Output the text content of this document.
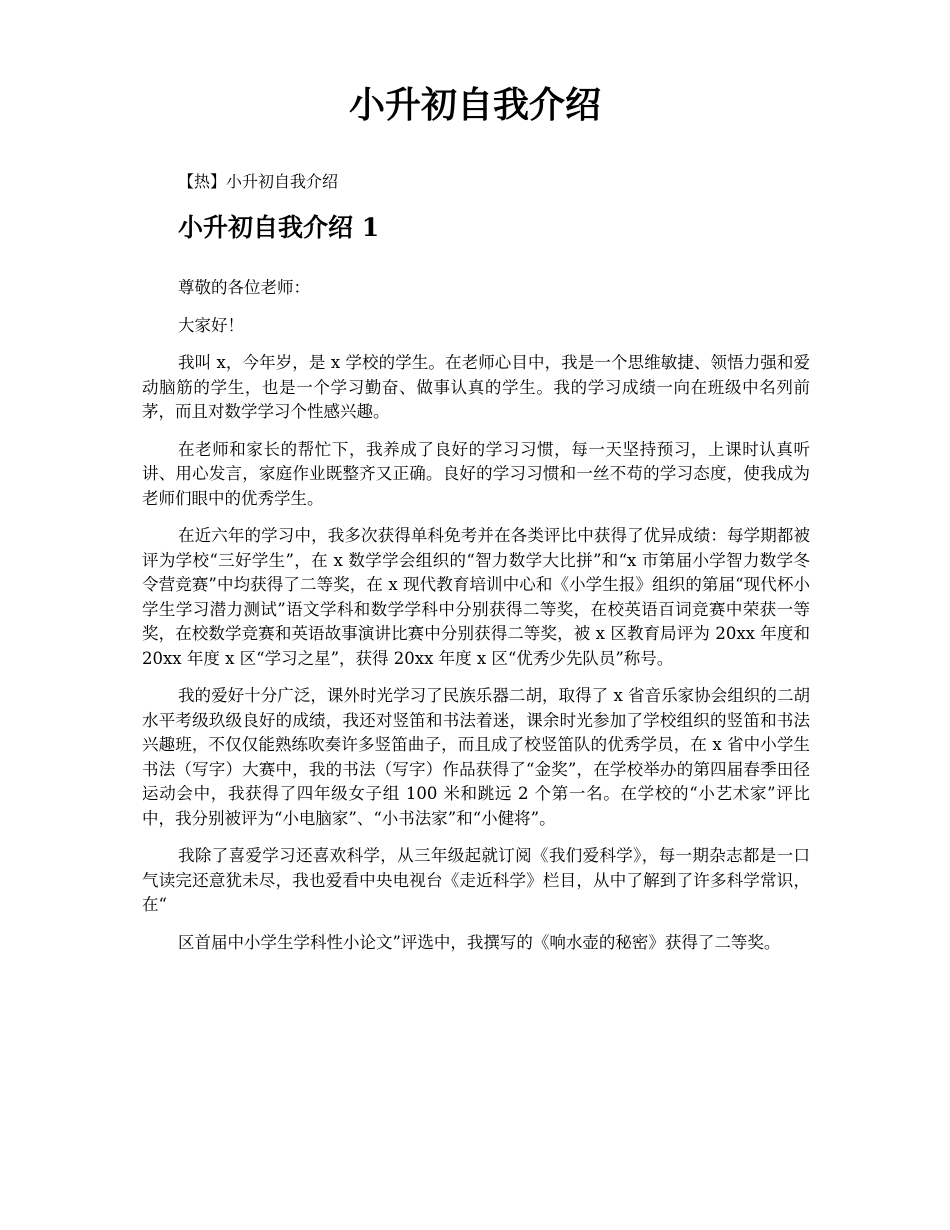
小升初自我介绍

【热】小升初自我介绍

小升初自我介绍 1

尊敬的各位老师：

大家好！

我叫 x，今年岁，是 x 学校的学生。在老师心目中，我是一个思维敏捷、领悟力强和爱动脑筋的学生，也是一个学习勤奋、做事认真的学生。我的学习成绩一向在班级中名列前茅，而且对数学学习个性感兴趣。

在老师和家长的帮忙下，我养成了良好的学习习惯，每一天坚持预习，上课时认真听讲、用心发言，家庭作业既整齐又正确。良好的学习习惯和一丝不苟的学习态度，使我成为老师们眼中的优秀学生。

在近六年的学习中，我多次获得单科免考并在各类评比中获得了优异成绩：每学期都被评为学校“三好学生”，在 x 数学学会组织的“智力数学大比拼”和“x 市第届小学智力数学冬令营竞赛”中均获得了二等奖，在 x 现代教育培训中心和《小学生报》组织的第届“现代杯小学生学习潜力测试”语文学科和数学学科中分别获得二等奖，在校英语百词竞赛中荣获一等奖，在校数学竞赛和英语故事演讲比赛中分别获得二等奖，被 x 区教育局评为 20xx 年度和 20xx 年度 x 区“学习之星”，获得 20xx 年度 x 区“优秀少先队员”称号。

我的爱好十分广泛，课外时光学习了民族乐器二胡，取得了 x 省音乐家协会组织的二胡水平考级玖级良好的成绩，我还对竖笛和书法着迷，课余时光参加了学校组织的竖笛和书法兴趣班，不仅仅能熟练吹奏许多竖笛曲子，而且成了校竖笛队的优秀学员，在 x 省中小学生书法（写字）大赛中，我的书法（写字）作品获得了“金奖”，在学校举办的第四届春季田径运动会中，我获得了四年级女子组 100 米和跳远 2 个第一名。在学校的“小艺术家”评比中，我分别被评为“小电脑家”、“小书法家”和“小健将”。

我除了喜爱学习还喜欢科学，从三年级起就订阅《我们爱科学》，每一期杂志都是一口气读完还意犹未尽，我也爱看中央电视台《走近科学》栏目，从中了解到了许多科学常识，在“

区首届中小学生学科性小论文”评选中，我撰写的《响水壶的秘密》获得了二等奖。
